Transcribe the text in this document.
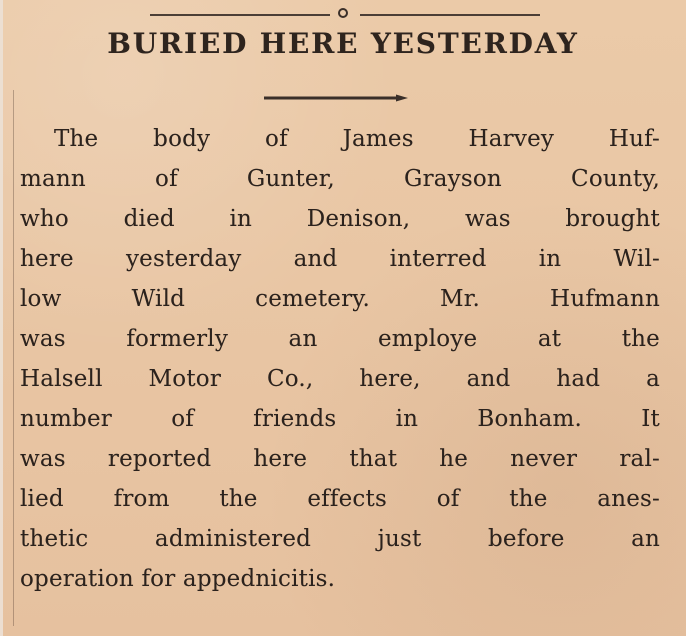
BURIED HERE YESTERDAY
The body of James Harvey Huf-
mann of Gunter, Grayson County,
who died in Denison, was brought
here yesterday and interred in Wil-
low Wild cemetery. Mr. Hufmann
was formerly an employe at the
Halsell Motor Co., here, and had a
number of friends in Bonham. It
was reported here that he never ral-
lied from the effects of the anes-
thetic administered just before an
operation for appednicitis.
